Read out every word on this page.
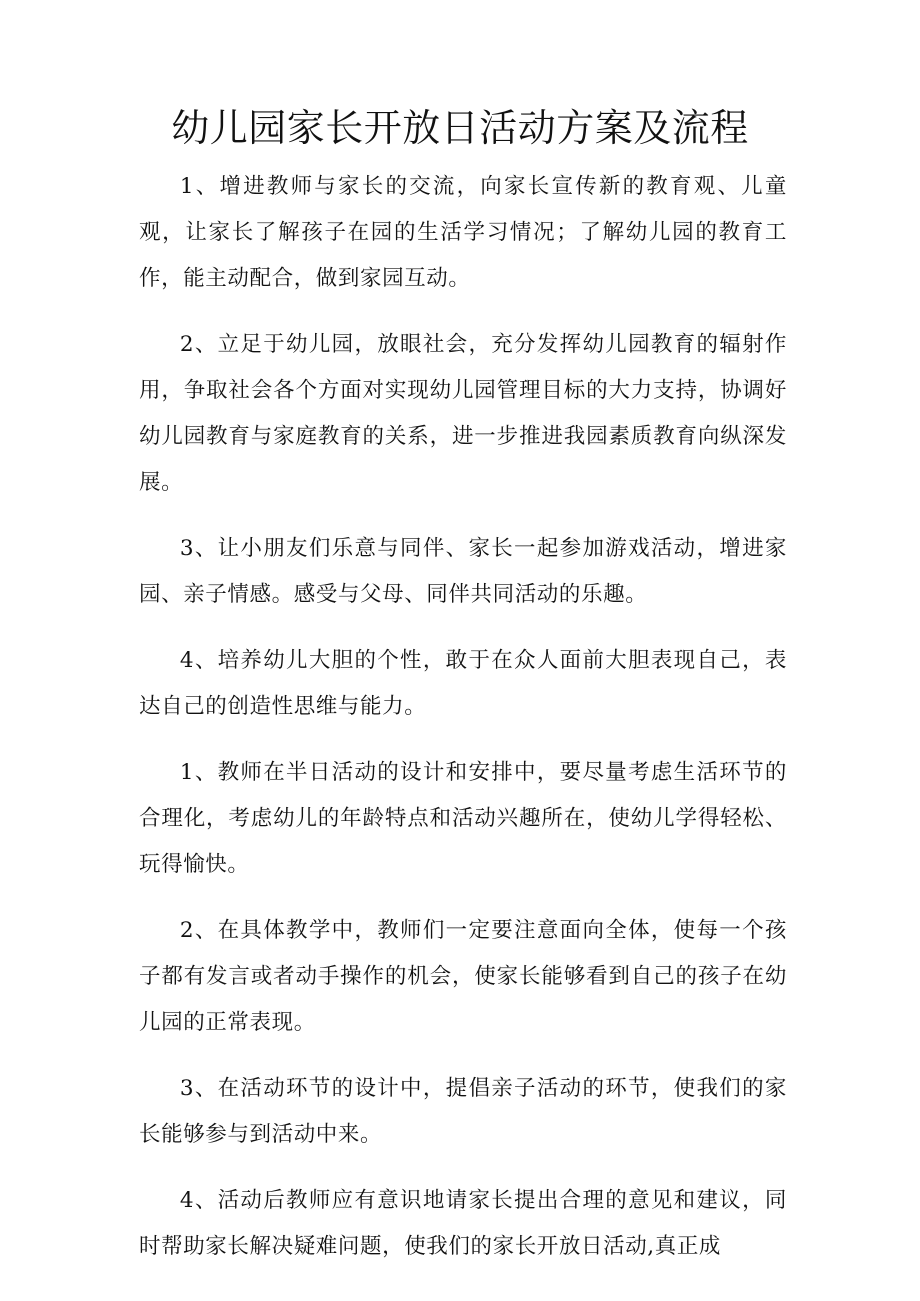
幼儿园家长开放日活动方案及流程

1、增进教师与家长的交流，向家长宣传新的教育观、儿童观，让家长了解孩子在园的生活学习情况；了解幼儿园的教育工作，能主动配合，做到家园互动。

2、立足于幼儿园，放眼社会，充分发挥幼儿园教育的辐射作用，争取社会各个方面对实现幼儿园管理目标的大力支持，协调好幼儿园教育与家庭教育的关系，进一步推进我园素质教育向纵深发展。

3、让小朋友们乐意与同伴、家长一起参加游戏活动，增进家园、亲子情感。感受与父母、同伴共同活动的乐趣。

4、培养幼儿大胆的个性，敢于在众人面前大胆表现自己，表达自己的创造性思维与能力。

1、教师在半日活动的设计和安排中，要尽量考虑生活环节的合理化，考虑幼儿的年龄特点和活动兴趣所在，使幼儿学得轻松、玩得愉快。

2、在具体教学中，教师们一定要注意面向全体，使每一个孩子都有发言或者动手操作的机会，使家长能够看到自己的孩子在幼儿园的正常表现。

3、在活动环节的设计中，提倡亲子活动的环节，使我们的家长能够参与到活动中来。

4、活动后教师应有意识地请家长提出合理的意见和建议，同时帮助家长解决疑难问题，使我们的家长开放日活动,真正成
